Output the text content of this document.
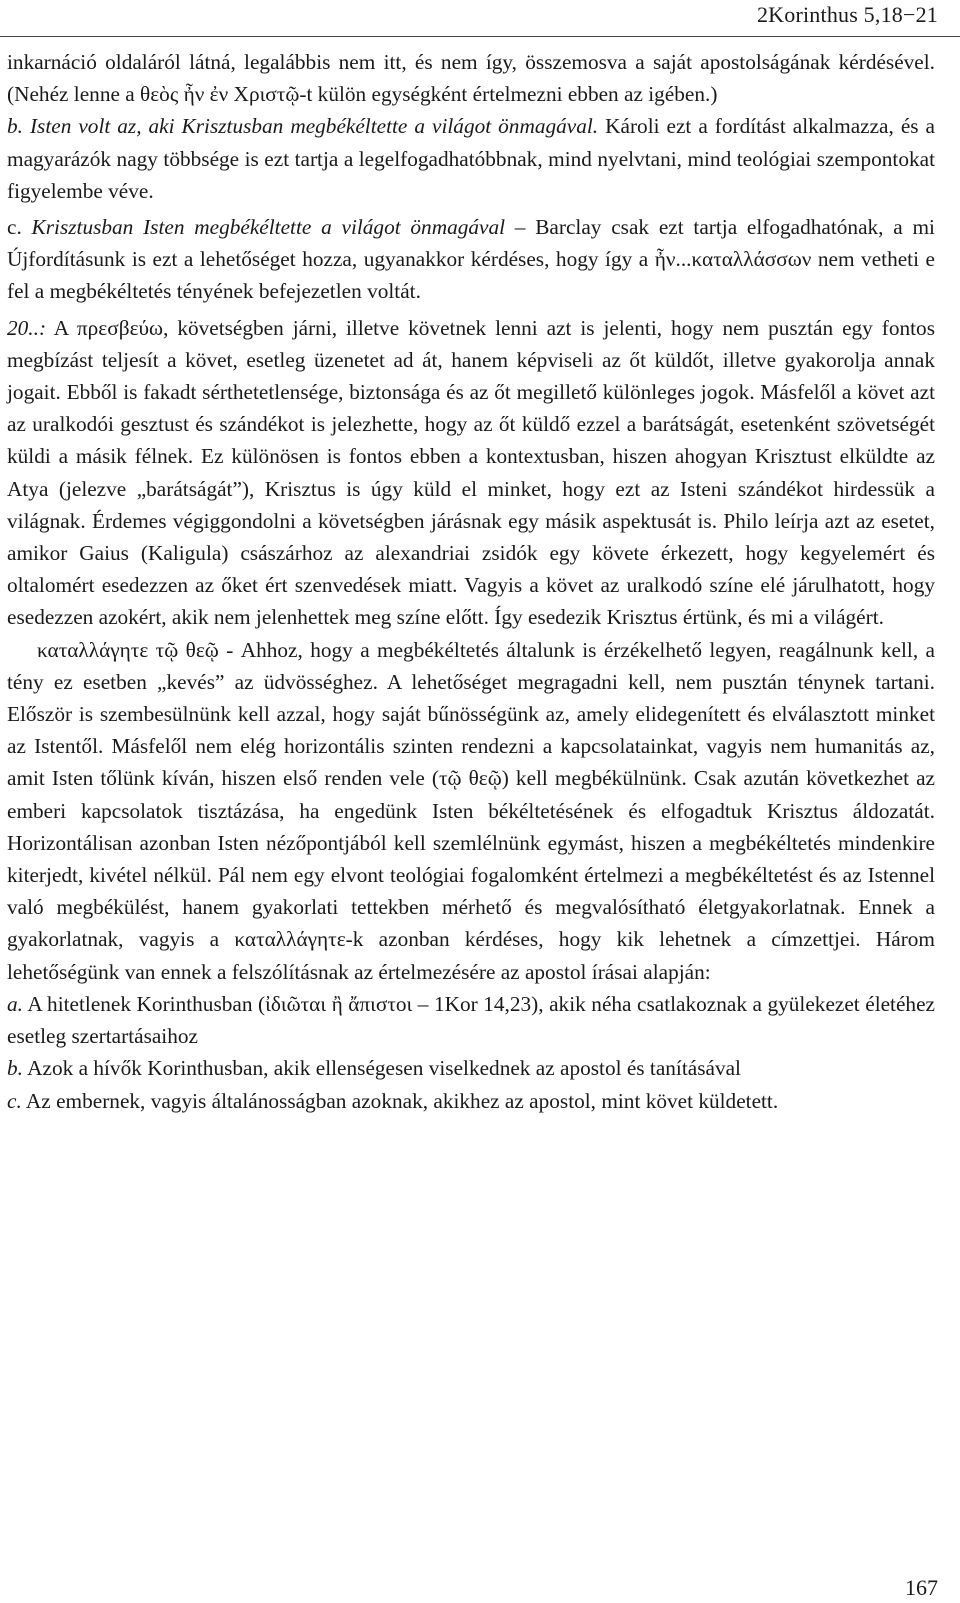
2Korinthus 5,18−21

inkarnáció oldaláról látná, legalábbis nem itt, és nem így, összemosva a saját apostolságának kérdésével. (Nehéz lenne a θεὸς ἦν ἐν Χριστῷ-t külön egységként értelmezni ebben az igében.)

b. Isten volt az, aki Krisztusban megbékéltette a világot önmagával. Károli ezt a fordítást alkalmazza, és a magyarázók nagy többsége is ezt tartja a legelfogadhatóbbnak, mind nyelvtani, mind teológiai szempontokat figyelembe véve.

c. Krisztusban Isten megbékéltette a világot önmagával – Barclay csak ezt tartja elfogadhatónak, a mi Újfordításunk is ezt a lehetőséget hozza, ugyanakkor kérdéses, hogy így a ἦν...καταλλάσσων nem vetheti e fel a megbékéltetés tényének befejezetlen voltát.

20..: A πρεσβεύω, követségben járni, illetve követnek lenni azt is jelenti, hogy nem pusztán egy fontos megbízást teljesít a követ, esetleg üzenetet ad át, hanem képviseli az őt küldőt, illetve gyakorolja annak jogait. Ebből is fakadt sérthetetlensége, biztonsága és az őt megillető különleges jogok. Másfelől a követ azt az uralkodói gesztust és szándékot is jelezhette, hogy az őt küldő ezzel a barátságát, esetenként szövetségét küldi a másik félnek. Ez különösen is fontos ebben a kontextusban, hiszen ahogyan Krisztust elküldte az Atya (jelezve „barátságát”), Krisztus is úgy küld el minket, hogy ezt az Isteni szándékot hirdessük a világnak. Érdemes végiggondolni a követségben járásnak egy másik aspektusát is. Philo leírja azt az esetet, amikor Gaius (Kaligula) császárhoz az alexandriai zsidók egy követe érkezett, hogy kegyelemért és oltalomért esedezzen az őket ért szenvedések miatt. Vagyis a követ az uralkodó színe elé járulhatott, hogy esedezzen azokért, akik nem jelenhettek meg színe előtt. Így esedezik Krisztus értünk, és mi a világért.

καταλλάγητε τῷ θεῷ - Ahhoz, hogy a megbékéltetés általunk is érzékelhető legyen, reagálnunk kell, a tény ez esetben „kevés” az üdvösséghez. A lehetőséget megragadni kell, nem pusztán ténynek tartani. Először is szembesülnünk kell azzal, hogy saját bűnösségünk az, amely elidegenített és elválasztott minket az Istentől. Másfelől nem elég horizontális szinten rendezni a kapcsolatainkat, vagyis nem humanitás az, amit Isten tőlünk kíván, hiszen első renden vele (τῷ θεῷ) kell megbékülnünk. Csak azután következhet az emberi kapcsolatok tisztázása, ha engedünk Isten békéltetésének és elfogadtuk Krisztus áldozatát. Horizontálisan azonban Isten nézőpontjából kell szemlélnünk egymást, hiszen a megbékéltetés mindenkire kiterjedt, kivétel nélkül. Pál nem egy elvont teológiai fogalomként értelmezi a megbékéltetést és az Istennel való megbékülést, hanem gyakorlati tettekben mérhető és megvalósítható életgyakorlatnak. Ennek a gyakorlatnak, vagyis a καταλλάγητε-k azonban kérdéses, hogy kik lehetnek a címzettjei. Három lehetőségünk van ennek a felszólításnak az értelmezésére az apostol írásai alapján:

a. A hitetlenek Korinthusban (ἰδιῶται ἢ ἄπιστοι – 1Kor 14,23), akik néha csatlakoznak a gyülekezet életéhez esetleg szertartásaihoz

b. Azok a hívők Korinthusban, akik ellenségesen viselkednek az apostol és tanításával

c. Az embernek, vagyis általánosságban azoknak, akikhez az apostol, mint követ küldetett.

167
